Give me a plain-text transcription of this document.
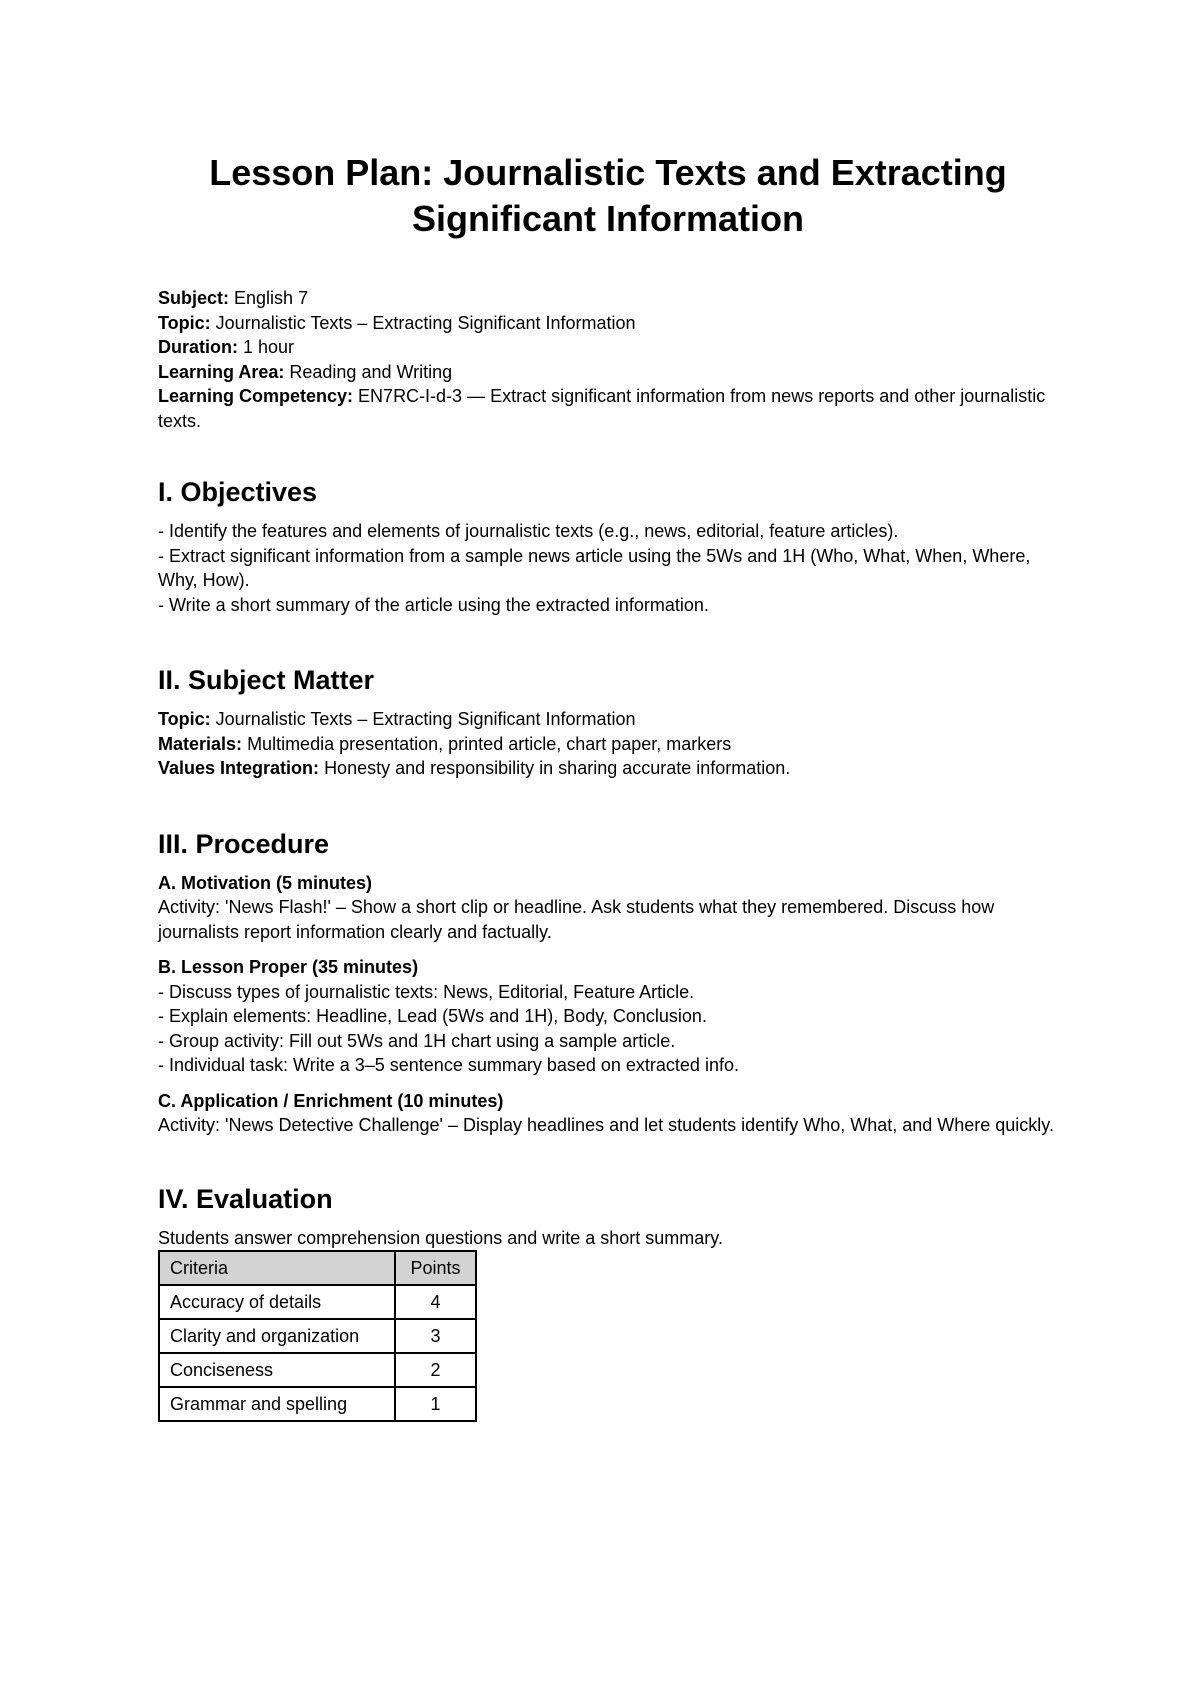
Lesson Plan: Journalistic Texts and Extracting Significant Information
Subject: English 7
Topic: Journalistic Texts – Extracting Significant Information
Duration: 1 hour
Learning Area: Reading and Writing
Learning Competency: EN7RC-I-d-3 — Extract significant information from news reports and other journalistic texts.
I. Objectives
- Identify the features and elements of journalistic texts (e.g., news, editorial, feature articles).
- Extract significant information from a sample news article using the 5Ws and 1H (Who, What, When, Where, Why, How).
- Write a short summary of the article using the extracted information.
II. Subject Matter
Topic: Journalistic Texts – Extracting Significant Information
Materials: Multimedia presentation, printed article, chart paper, markers
Values Integration: Honesty and responsibility in sharing accurate information.
III. Procedure
A. Motivation (5 minutes)
Activity: 'News Flash!' – Show a short clip or headline. Ask students what they remembered. Discuss how journalists report information clearly and factually.
B. Lesson Proper (35 minutes)
- Discuss types of journalistic texts: News, Editorial, Feature Article.
- Explain elements: Headline, Lead (5Ws and 1H), Body, Conclusion.
- Group activity: Fill out 5Ws and 1H chart using a sample article.
- Individual task: Write a 3–5 sentence summary based on extracted info.
C. Application / Enrichment (10 minutes)
Activity: 'News Detective Challenge' – Display headlines and let students identify Who, What, and Where quickly.
IV. Evaluation
Students answer comprehension questions and write a short summary.
Criteria	Points
Accuracy of details	4
Clarity and organization	3
Conciseness	2
Grammar and spelling	1
